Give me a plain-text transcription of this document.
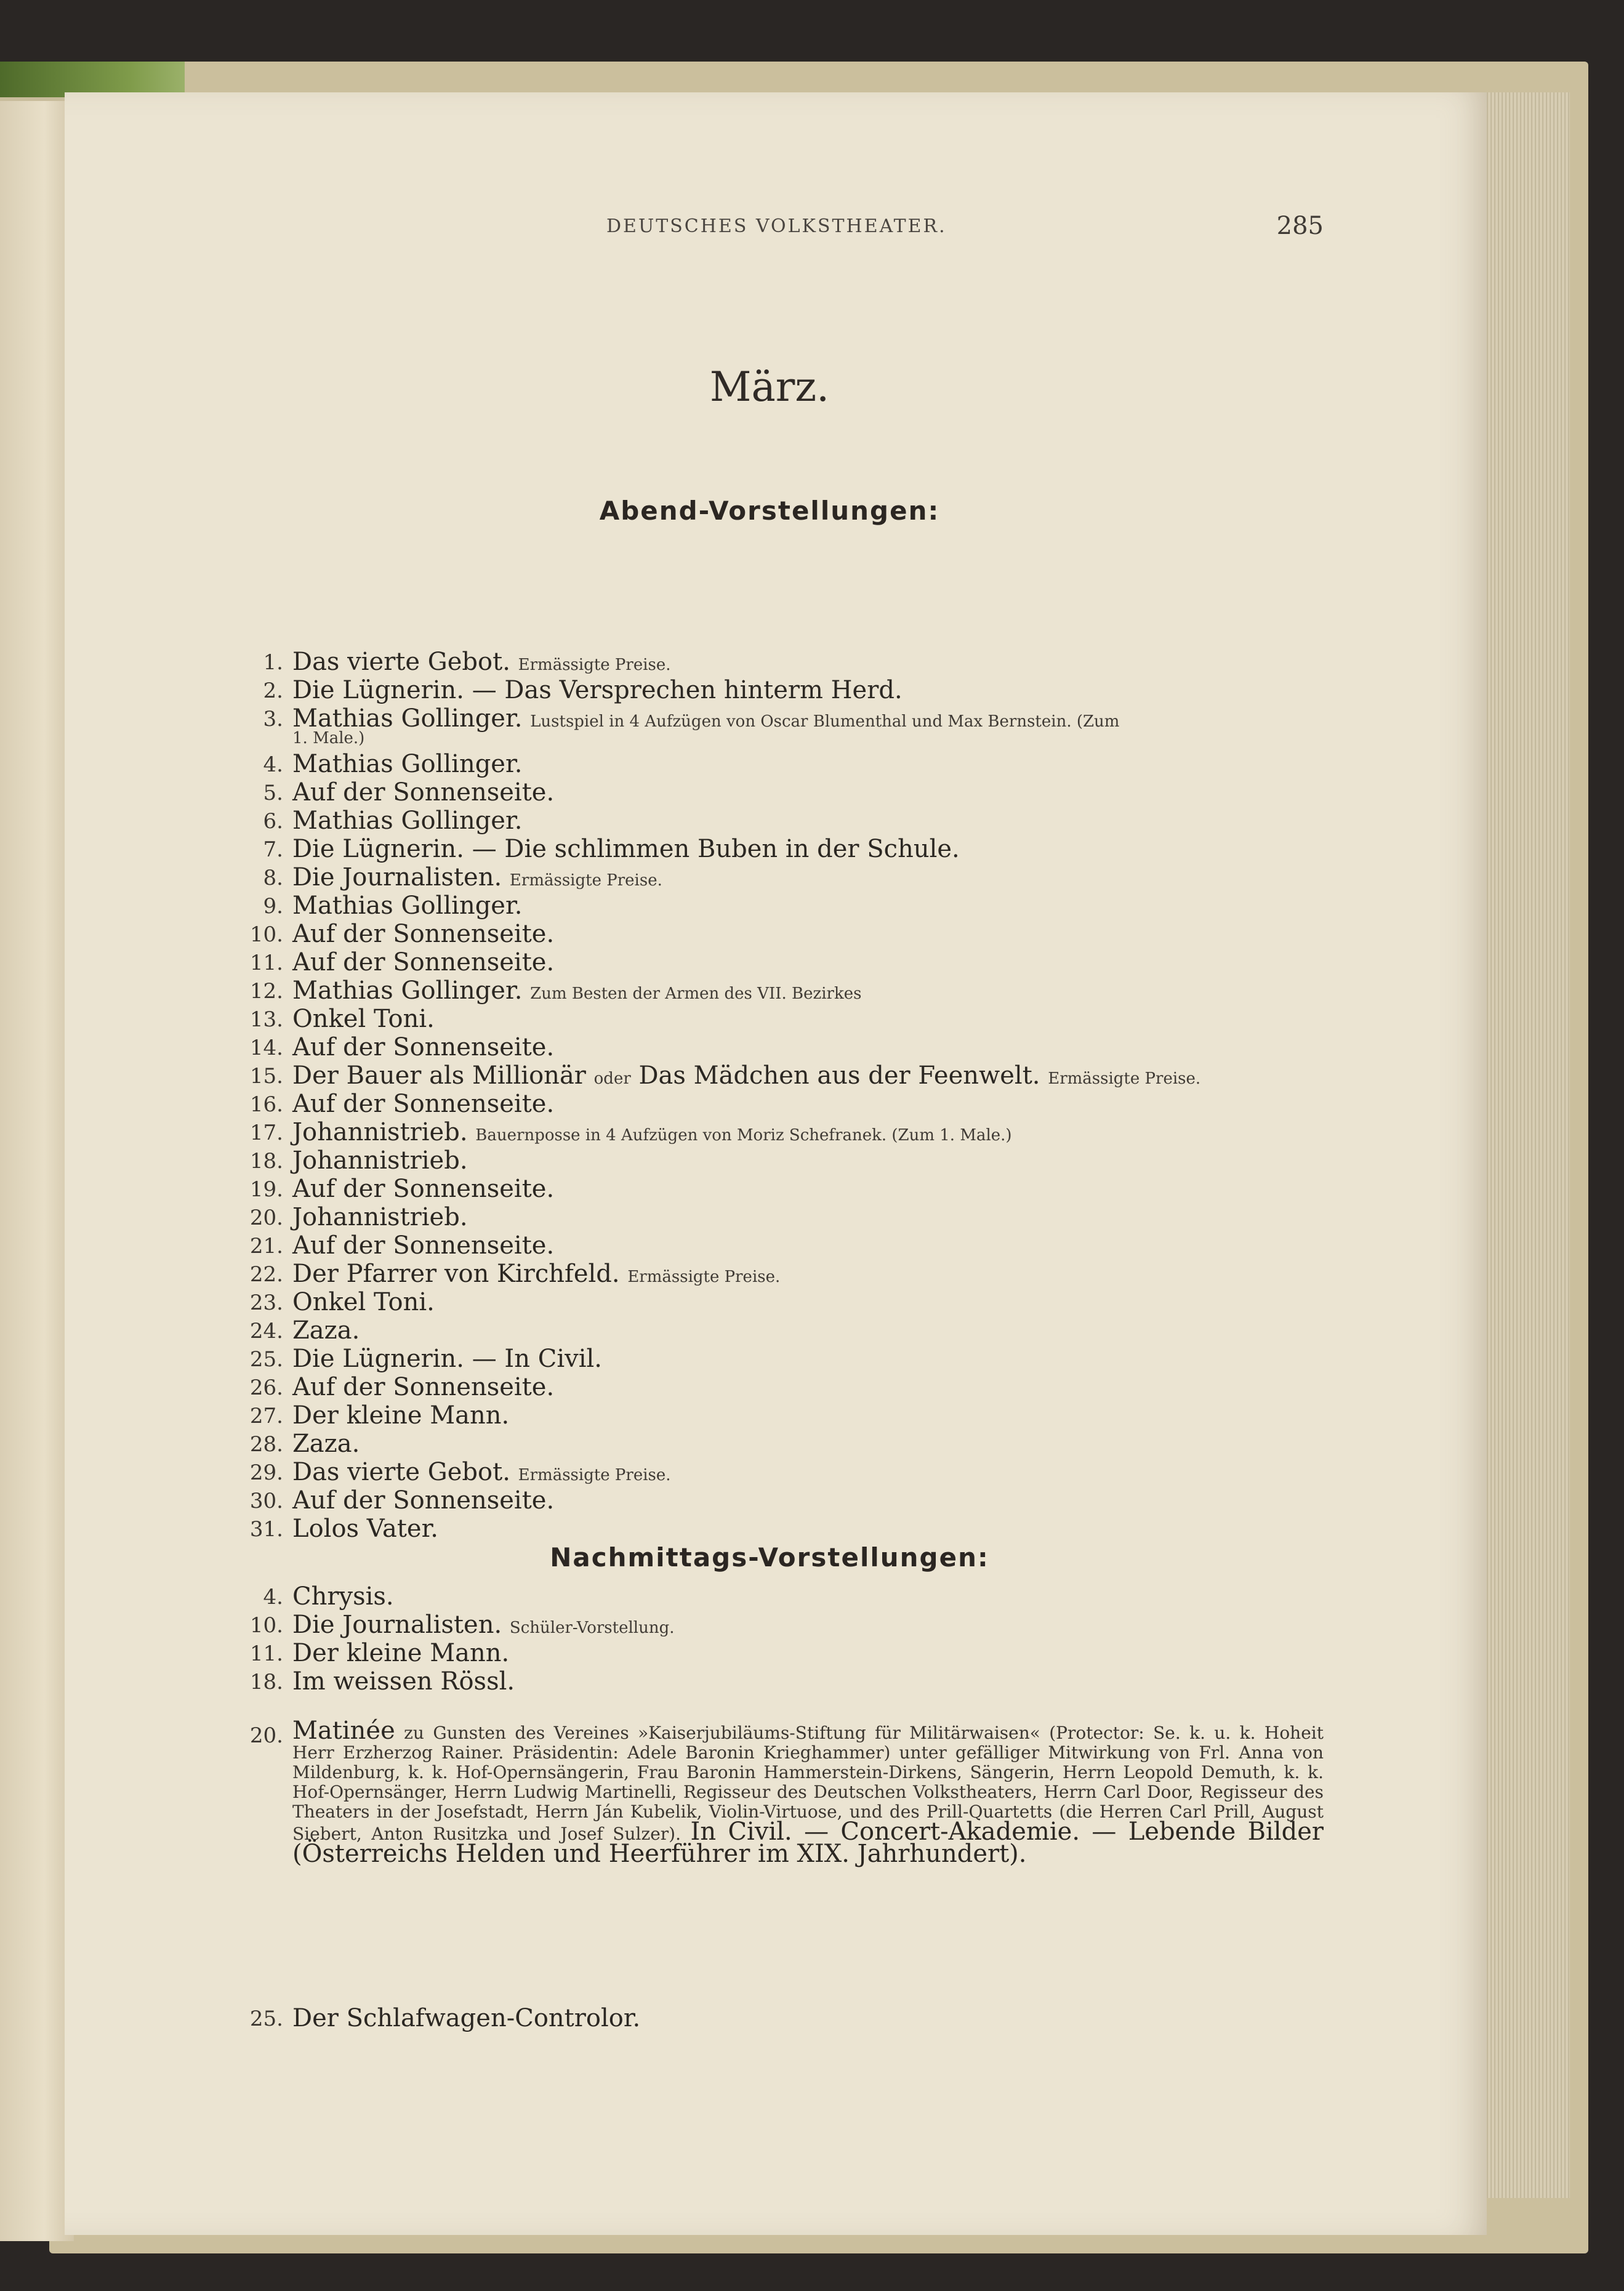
DEUTSCHES VOLKSTHEATER.	285
März.
Abend-Vorstellungen:
1. Das vierte Gebot. Ermässigte Preise.
2. Die Lügnerin. — Das Versprechen hinterm Herd.
3. Mathias Gollinger. Lustspiel in 4 Aufzügen von Oscar Blumenthal und Max Bernstein. (Zum
1. Male.)
4. Mathias Gollinger.
5. Auf der Sonnenseite.
6. Mathias Gollinger.
7. Die Lügnerin. — Die schlimmen Buben in der Schule.
8. Die Journalisten. Ermässigte Preise.
9. Mathias Gollinger.
10. Auf der Sonnenseite.
11. Auf der Sonnenseite.
12. Mathias Gollinger. Zum Besten der Armen des VII. Bezirkes
13. Onkel Toni.
14. Auf der Sonnenseite.
15. Der Bauer als Millionär oder Das Mädchen aus der Feenwelt. Ermässigte Preise.
16. Auf der Sonnenseite.
17. Johannistrieb. Bauernposse in 4 Aufzügen von Moriz Schefranek. (Zum 1. Male.)
18. Johannistrieb.
19. Auf der Sonnenseite.
20. Johannistrieb.
21. Auf der Sonnenseite.
22. Der Pfarrer von Kirchfeld. Ermässigte Preise.
23. Onkel Toni.
24. Zaza.
25. Die Lügnerin. — In Civil.
26. Auf der Sonnenseite.
27. Der kleine Mann.
28. Zaza.
29. Das vierte Gebot. Ermässigte Preise.
30. Auf der Sonnenseite.
31. Lolos Vater.
Nachmittags-Vorstellungen:
4. Chrysis.
10. Die Journalisten. Schüler-Vorstellung.
11. Der kleine Mann.
18. Im weissen Rössl.
20. Matinée zu Gunsten des Vereines »Kaiserjubiläums-Stiftung für Militärwaisen« (Protector: Se. k. u. k. Hoheit Herr Erzherzog Rainer. Präsidentin: Adele Baronin Krieghammer) unter gefälliger Mitwirkung von Frl. Anna von Mildenburg, k. k. Hof-Opernsängerin, Frau Baronin Hammerstein-Dirkens, Sängerin, Herrn Leopold Demuth, k. k. Hof-Opernsänger, Herrn Ludwig Martinelli, Regisseur des Deutschen Volkstheaters, Herrn Carl Door, Regisseur des Theaters in der Josefstadt, Herrn Ján Kubelik, Violin-Virtuose, und des Prill-Quartetts (die Herren Carl Prill, August Siebert, Anton Rusitzka und Josef Sulzer). In Civil. — Concert-Akademie. — Lebende Bilder (Österreichs Helden und Heerführer im XIX. Jahrhundert).
25. Der Schlafwagen-Controlor.
